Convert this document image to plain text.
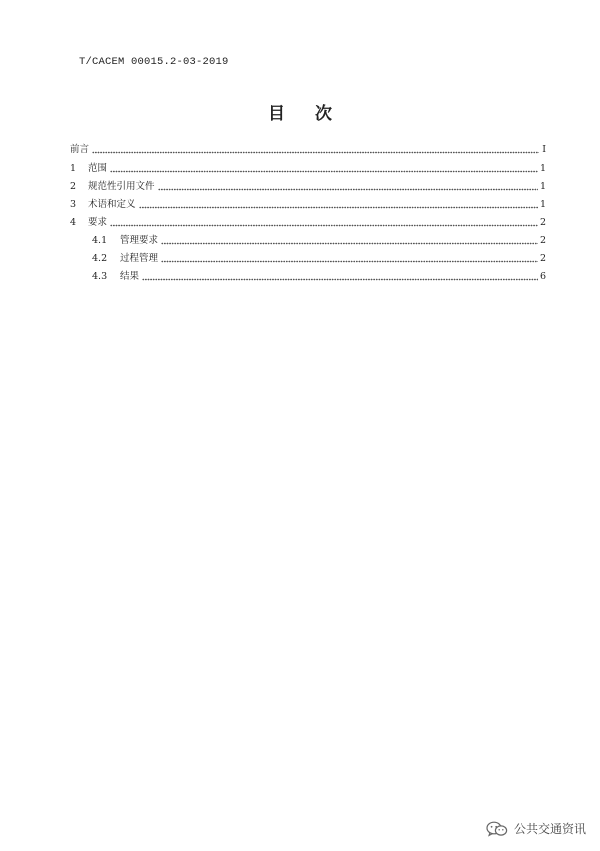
T/CACEM 00015.2-03-2019
目 次
前言	I
1	范围	1
2	规范性引用文件	1
3	术语和定义	1
4	要求	2
4.1	管理要求	2
4.2	过程管理	2
4.3	结果	6
公共交通资讯
